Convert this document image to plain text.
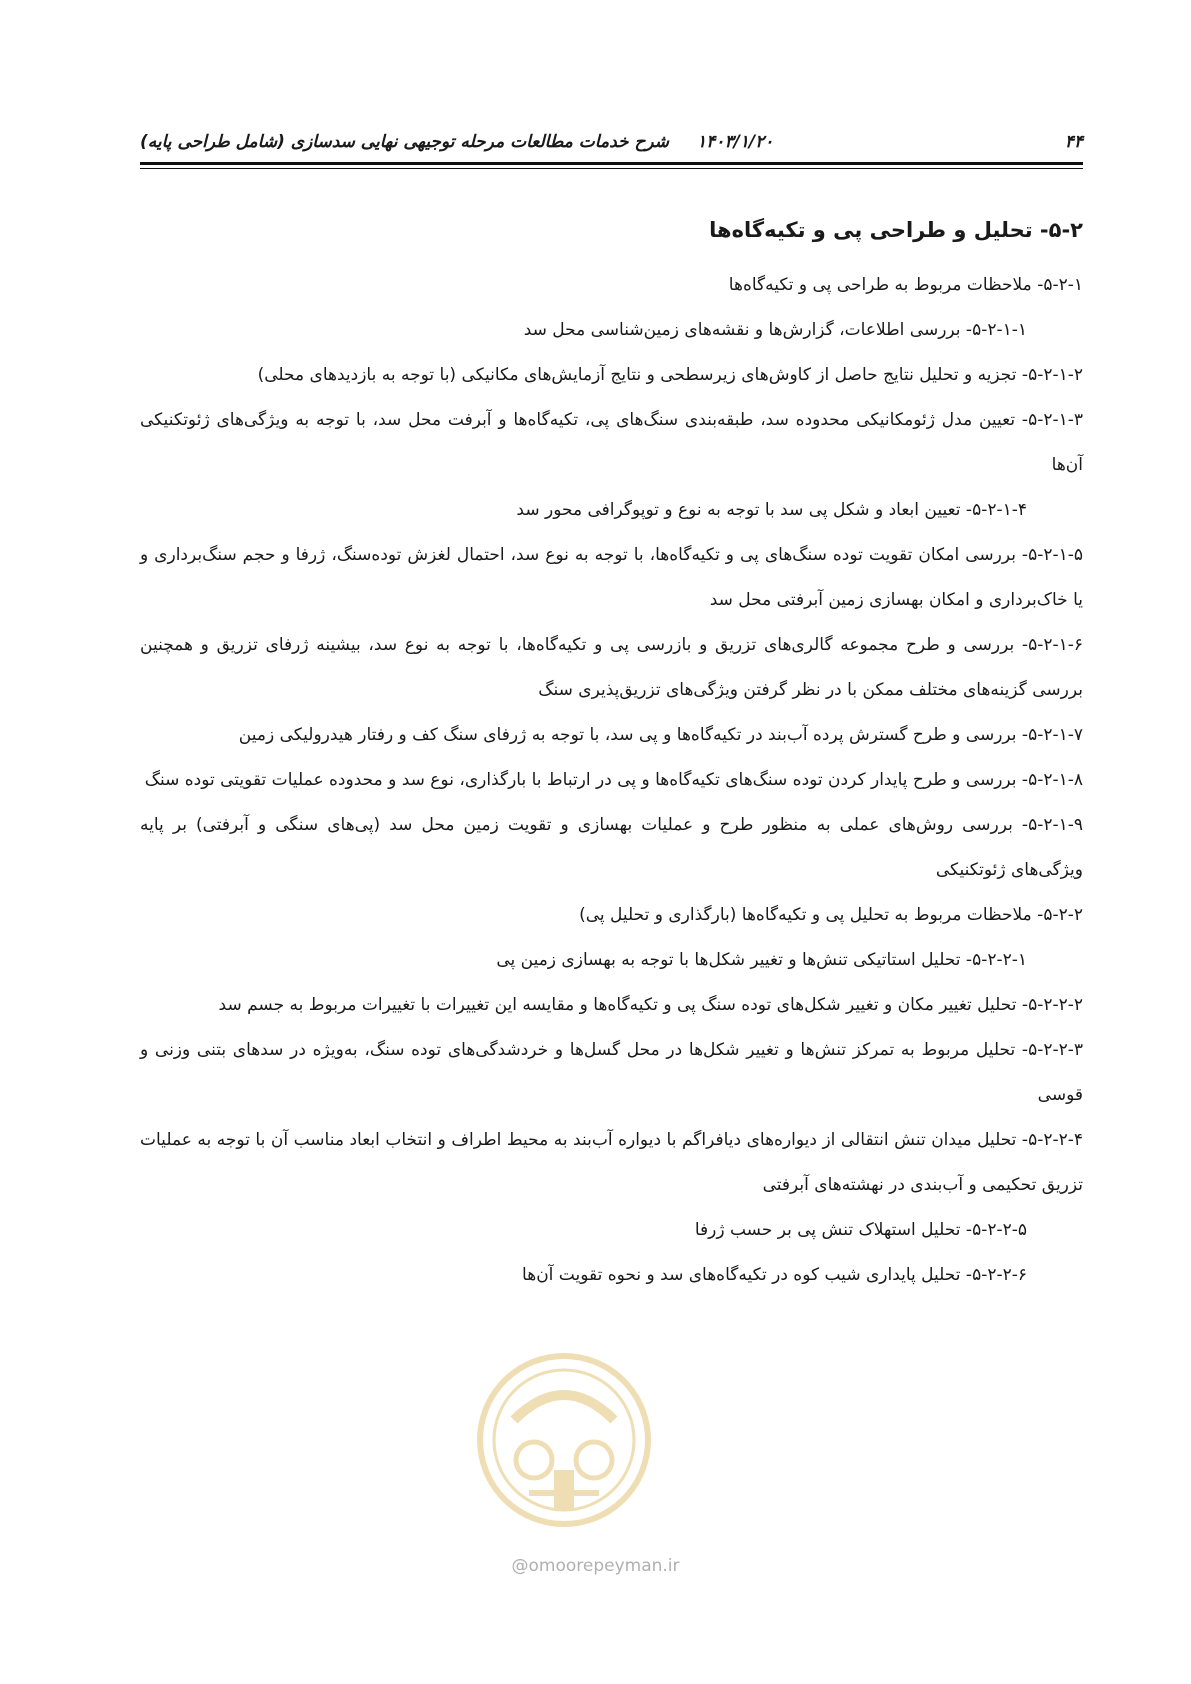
۴۴
۱۴۰۳/۱/۲۰شرح خدمات مطالعات مرحله توجیهی نهایی سدسازی (شامل طراحی پایه)
۵-۲- تحلیل و طراحی پی و تکیه‌گاه‌ها

۵-۲-۱- ملاحظات مربوط به طراحی پی و تکیه‌گاه‌ها

۵-۲-۱-۱- بررسی اطلاعات، گزارش‌ها و نقشه‌های زمین‌شناسی محل سد

۵-۲-۱-۲- تجزیه و تحلیل نتایج حاصل از کاوش‌های زیرسطحی و نتایج آزمایش‌های مکانیکی (با توجه به بازدیدهای محلی)

۵-۲-۱-۳- تعیین مدل ژئومکانیکی محدوده سد، طبقه‌بندی سنگ‌های پی، تکیه‌گاه‌ها و آبرفت محل سد، با توجه به ویژگی‌های ژئوتکنیکی آن‌ها

۵-۲-۱-۴- تعیین ابعاد و شکل پی سد با توجه به نوع و توپوگرافی محور سد

۵-۲-۱-۵- بررسی امکان تقویت توده سنگ‌های پی و تکیه‌گاه‌ها، با توجه به نوع سد، احتمال لغزش توده‌سنگ، ژرفا و حجم سنگ‌برداری و یا خاک‌برداری و امکان بهسازی زمین آبرفتی محل سد

۵-۲-۱-۶- بررسی و طرح مجموعه گالری‌های تزریق و بازرسی پی و تکیه‌گاه‌ها، با توجه به نوع سد، بیشینه ژرفای تزریق و همچنین بررسی گزینه‌های مختلف ممکن با در نظر گرفتن ویژگی‌های تزریق‌پذیری سنگ

۵-۲-۱-۷- بررسی و طرح گسترش پرده آب‌بند در تکیه‌گاه‌ها و پی سد، با توجه به ژرفای سنگ کف و رفتار هیدرولیکی زمین

۵-۲-۱-۸- بررسی و طرح پایدار کردن توده سنگ‌های تکیه‌گاه‌ها و پی در ارتباط با بارگذاری، نوع سد و محدوده عملیات تقویتی توده سنگ

۵-۲-۱-۹- بررسی روش‌های عملی به منظور طرح و عملیات بهسازی و تقویت زمین محل سد (پی‌های سنگی و آبرفتی) بر پایه ویژگی‌های ژئوتکنیکی

۵-۲-۲- ملاحظات مربوط به تحلیل پی و تکیه‌گاه‌ها (بارگذاری و تحلیل پی)

۵-۲-۲-۱- تحلیل استاتیکی تنش‌ها و تغییر شکل‌ها با توجه به بهسازی زمین پی

۵-۲-۲-۲- تحلیل تغییر مکان و تغییر شکل‌های توده سنگ پی و تکیه‌گاه‌ها و مقایسه این تغییرات با تغییرات مربوط به جسم سد

۵-۲-۲-۳- تحلیل مربوط به تمرکز تنش‌ها و تغییر شکل‌ها در محل گسل‌ها و خردشدگی‌های توده سنگ، به‌ویژه در سدهای بتنی وزنی و قوسی

۵-۲-۲-۴- تحلیل میدان تنش انتقالی از دیواره‌های دیافراگم با دیواره آب‌بند به محیط اطراف و انتخاب ابعاد مناسب آن با توجه به عملیات تزریق تحکیمی و آب‌بندی در نهشته‌های آبرفتی

۵-۲-۲-۵- تحلیل استهلاک تنش پی بر حسب ژرفا

۵-۲-۲-۶- تحلیل پایداری شیب کوه در تکیه‌گاه‌های سد و نحوه تقویت آن‌ها

@omoorepeyman.ir
